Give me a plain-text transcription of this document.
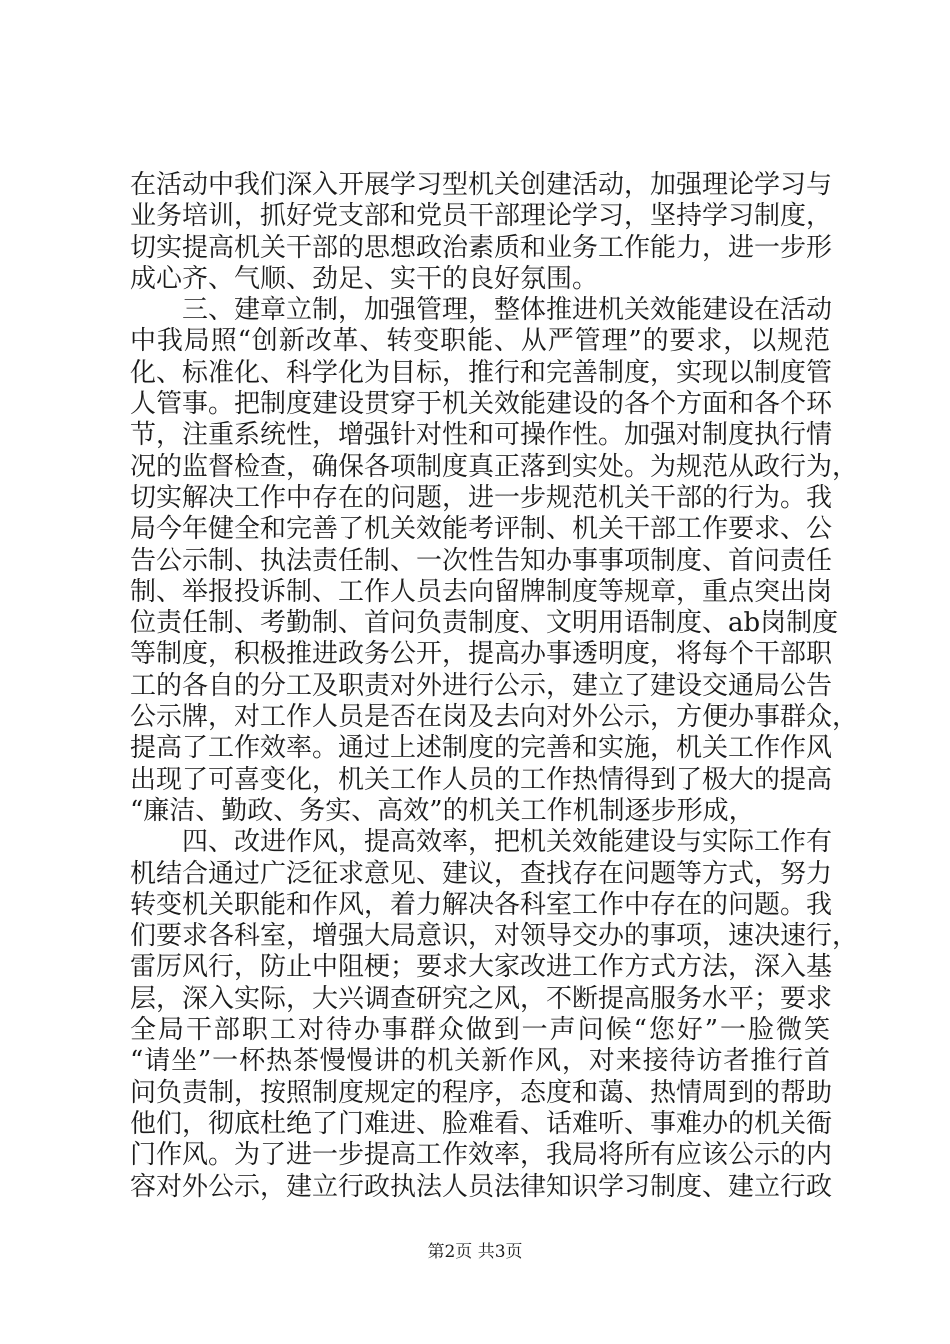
在活动中我们深入开展学习型机关创建活动，加强理论学习与
业务培训，抓好党支部和党员干部理论学习，坚持学习制度，
切实提高机关干部的思想政治素质和业务工作能力，进一步形
成心齐、气顺、劲足、实干的良好氛围。
三、建章立制，加强管理，整体推进机关效能建设在活动
中我局照“创新改革、转变职能、从严管理”的要求，以规范
化、标准化、科学化为目标，推行和完善制度，实现以制度管
人管事。把制度建设贯穿于机关效能建设的各个方面和各个环
节，注重系统性，增强针对性和可操作性。加强对制度执行情
况的监督检查，确保各项制度真正落到实处。为规范从政行为，
切实解决工作中存在的问题，进一步规范机关干部的行为。我
局今年健全和完善了机关效能考评制、机关干部工作要求、公
告公示制、执法责任制、一次性告知办事事项制度、首问责任
制、举报投诉制、工作人员去向留牌制度等规章，重点突出岗
位责任制、考勤制、首问负责制度、文明用语制度、ab岗制度
等制度，积极推进政务公开，提高办事透明度，将每个干部职
工的各自的分工及职责对外进行公示，建立了建设交通局公告
公示牌，对工作人员是否在岗及去向对外公示，方便办事群众，
提高了工作效率。通过上述制度的完善和实施，机关工作作风
出现了可喜变化，机关工作人员的工作热情得到了极大的提高
“廉洁、勤政、务实、高效”的机关工作机制逐步形成，
四、改进作风，提高效率，把机关效能建设与实际工作有
机结合通过广泛征求意见、建议，查找存在问题等方式，努力
转变机关职能和作风，着力解决各科室工作中存在的问题。我
们要求各科室，增强大局意识，对领导交办的事项，速决速行，
雷厉风行，防止中阻梗；要求大家改进工作方式方法，深入基
层，深入实际，大兴调查研究之风，不断提高服务水平；要求
全局干部职工对待办事群众做到一声问候“您好”一脸微笑
“请坐”一杯热茶慢慢讲的机关新作风，对来接待访者推行首
问负责制，按照制度规定的程序，态度和蔼、热情周到的帮助
他们，彻底杜绝了门难进、脸难看、话难听、事难办的机关衙
门作风。为了进一步提高工作效率，我局将所有应该公示的内
容对外公示，建立行政执法人员法律知识学习制度、建立行政
第2页 共3页
